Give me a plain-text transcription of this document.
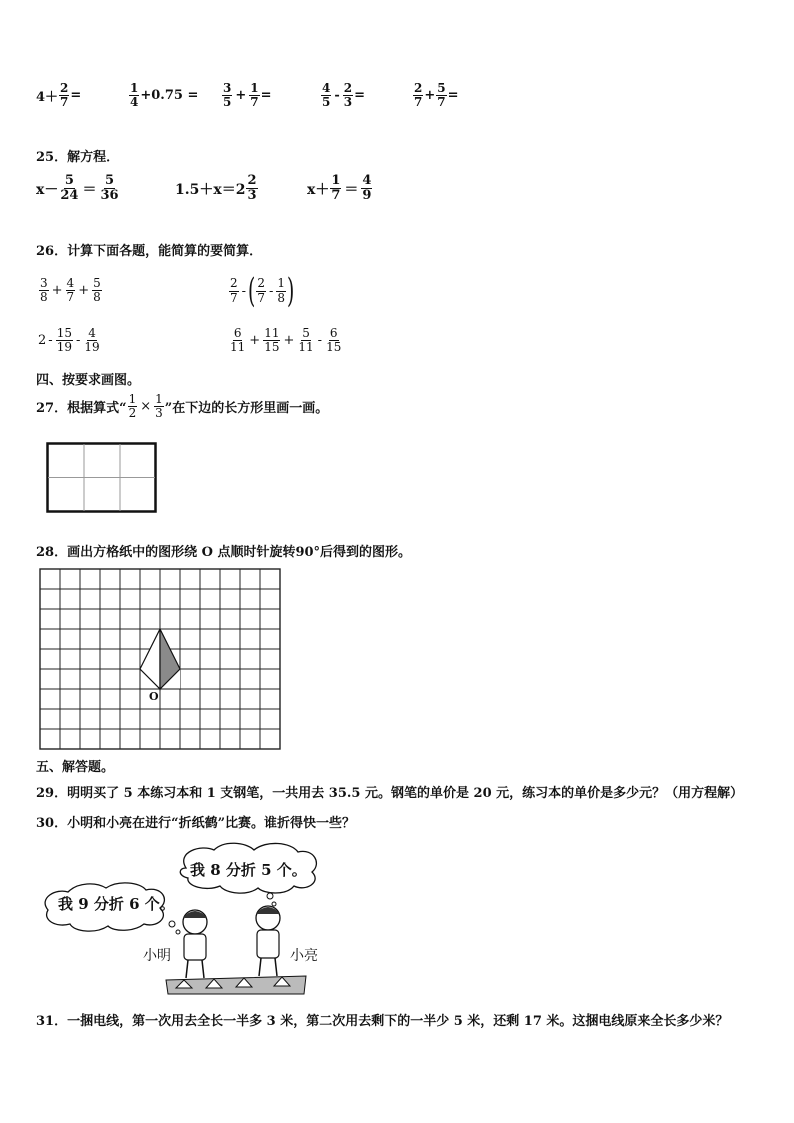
$4+ \frac{2}{7}$ =	$\frac{1}{4} +0.75 = \frac{3}{5} + \frac{1}{7}$ =	$\frac{4}{5} - \frac{2}{3}$ =	$\frac{2}{7} + \frac{5}{7}$ =
25．解方程．
$x- \frac{5}{24} = \frac{5}{36}$	$1.5+x=2 \frac{2}{3}$	$x+ \frac{1}{7} = \frac{4}{9}$
26．计算下面各题，能简算的要简算．
$\frac{3}{8} + \frac{4}{7} + \frac{5}{8}$	$\frac{2}{7}$ - ( $\frac{2}{7} - \frac{1}{8}$ )
$2 - \frac{15}{19} - \frac{4}{19}$	$\frac{6}{11} + \frac{11}{15} + \frac{5}{11} - \frac{6}{15}$
四、按要求画图。
27．根据算式“ $\frac{1}{2} \times \frac{1}{3}$ ”在下边的长方形里画一画。
28．画出方格纸中的图形绕 O 点顺时针旋转90°后得到的图形。
O
五、解答题。
29．明明买了 5 本练习本和 1 支钢笔，一共用去 35.5 元。钢笔的单价是 20 元，练习本的单价是多少元？（用方程解）
30．小明和小亮在进行“折纸鹤”比赛。谁折得快一些？
我 9 分折 6 个。
我 8 分折 5 个。
小明	小亮
31．一捆电线，第一次用去全长一半多 3 米，第二次用去剩下的一半少 5 米，还剩 17 米。这捆电线原来全长多少米？
